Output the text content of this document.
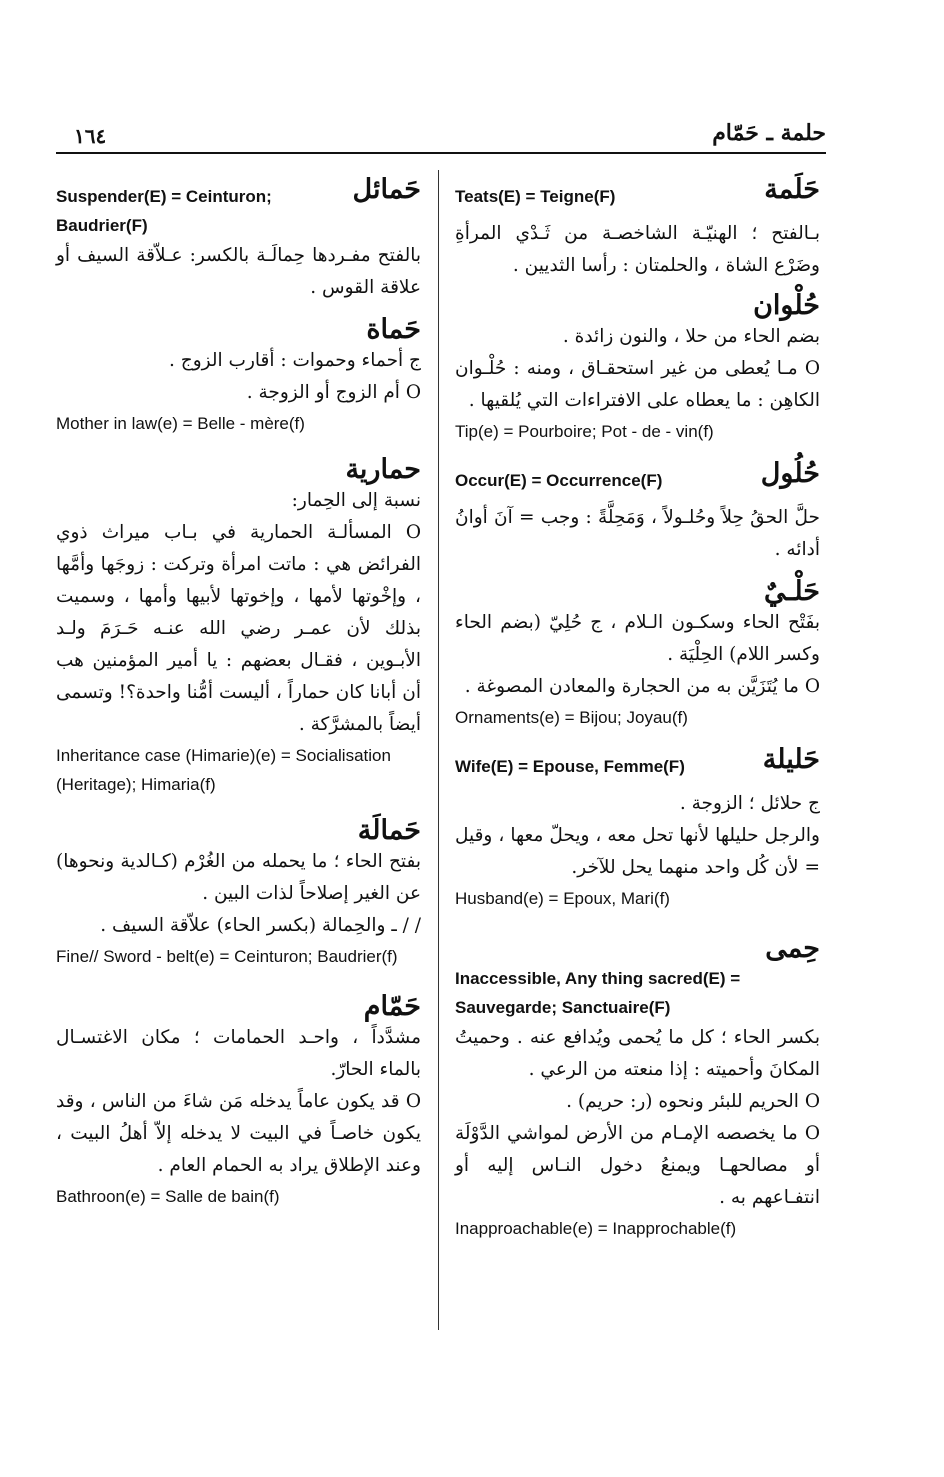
١٦٤	حلمة ـ حَمّام
حَلَمة
Teats(E) = Teigne(F)

بـالفتح ؛ الهنيّـة الشاخصـة من ثَـدْي المرأةِ وضَرْع الشاة ، والحلمتان : رأسا الثديين .

حُلْوان

بضم الحاء من حلا ، والنون زائدة .

O مـا يُعطى من غير استحقـاق ، ومنه : حُلْـوان الكاهِن : ما يعطاه على الافتراءات التي يُلقيها .

Tip(e) = Pourboire; Pot - de - vin(f)
حُلُول
Occur(E) = Occurrence(F)

حلَّ الحقُ حِلاً وحُلـولاً ، وَمَحِلَّةً : وجب = آنَ أوانُ أدائه .

حَلْـيٌ

بفَتْح الحاء وسكـون الـلام ، ج حُلِيّ (بضم الحاء وكسر اللام) الحِلْيَة .

O ما يُتَزَيَّن به من الحجارة والمعادن المصوغة .

Ornaments(e) = Bijou; Joyau(f)
حَليلة
Wife(E) = Epouse, Femme(F)

ج حلائل ؛ الزوجة .

والرجل حليلها لأنها تحل معه ، ويحلّ معها ، وقيل = لأن كُل واحد منهما يحل للآخر.

Husband(e) = Epoux, Mari(f)
حِمى
Inaccessible, Any thing sacred(E) = Sauvegarde; Sanctuaire(F)

بكسر الحاء ؛ كل ما يُحمى ويُدافع عنه . وحميتُ المكانَ وأحميته : إذا منعته من الرعي .

O الحريم للبئر ونحوه (ر: حريم) .

O ما يخصصه الإمـام من الأرض لمواشي الدَّوْلَة أو مصالحهـا ويمنعُ دخول النـاس إليه أو انتفـاعهم به .

Inapproachable(e) = Inapprochable(f)
حَمائل
Suspender(E) = Ceinturon; Baudrier(F)

بالفتح مفـردها حِمالَـة بالكسر: عـلاّقة السيف أو علاقة القوس .

حَماة

ج أحماء وحموات : أقارب الزوج .

O أم الزوج أو الزوجة .

Mother in law(e) = Belle - mère(f)
حمارية

نسبة إلى الحِمار:

O المسألـة الحمارية في بـاب ميراث ذوي الفرائض هي : ماتت امرأة وتركت : زوجَها وأمَّها ، وإخْوتها لأمها ، وإخوتها لأبيها وأمها ، وسميت بذلك لأن عمـر رضي الله عنـه حَـرَمَ ولـد الأبـوين ، فقـال بعضهم : يا أمير المؤمنين هب أن أبانا كان حماراً ، أليست أمُّنا واحدة؟! وتسمى أيضاً بالمشرَّكة .

Inheritance case (Himarie)(e) = Socialisation (Heritage); Himaria(f)
حَمالَة

بفتح الحاء ؛ ما يحمله من الغُرْم (كـالدية ونحوها) عن الغير إصلاحاً لذات البين .

/ / ـ والحِمالة (بكسر الحاء) علاّقة السيف .

Fine// Sword - belt(e) = Ceinturon; Baudrier(f)
حَمّام

مشدَّداً ، واحـد الحمامات ؛ مكان الاغتسـال بالماء الحارّ.

O قد يكون عاماً يدخله مَن شاءَ من الناس ، وقد يكون خاصـاً في البيت لا يدخله إلاّ أهلُ البيت ، وعند الإطلاق يراد به الحمام العام .

Bathroon(e) = Salle de bain(f)
